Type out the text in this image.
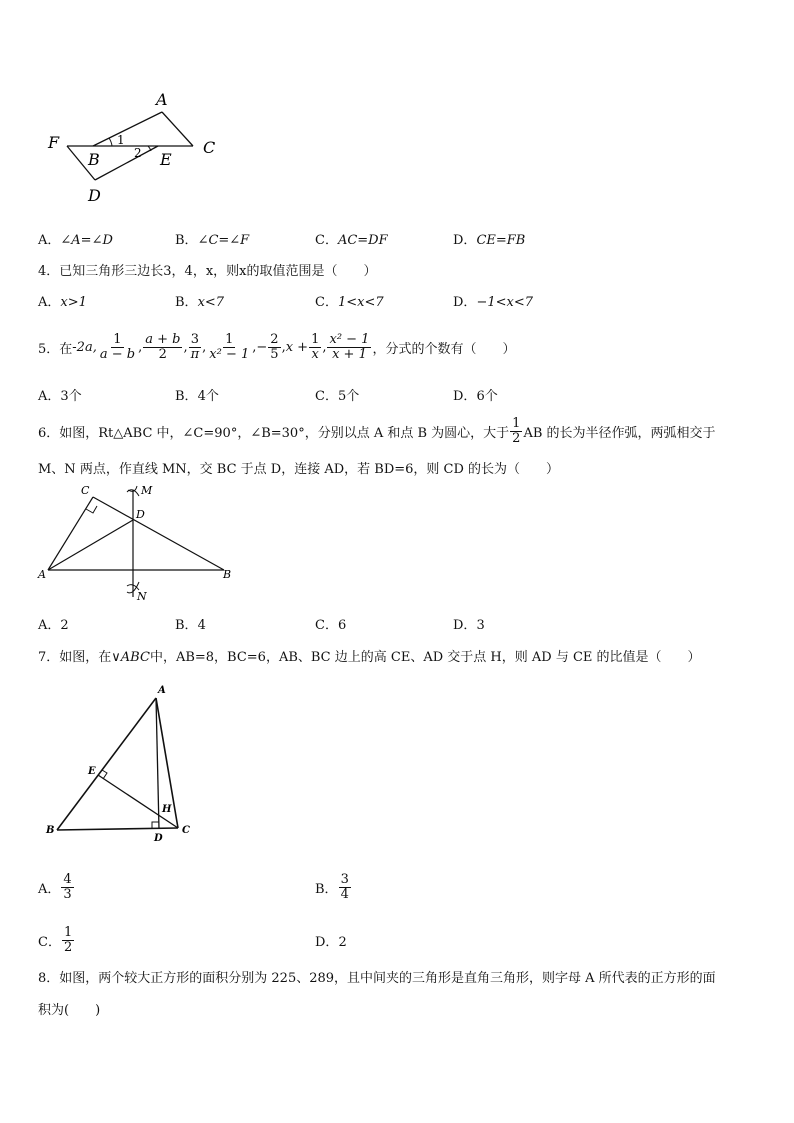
A
F	C
B	E
D
1
2
A．∠A=∠D	B．∠C=∠F	C．AC=DF	D．CE=FB
4．已知三角形三边长3，4，x，则x的取值范围是（　　）
A．x>1	B．x<7	C．1<x<7	D．−1<x<7
5．在 -2a, $\frac{1}{a - b}$ , $\frac{a + b}{2}$ , $\frac{3}{\pi}$ , $\frac{1}{\text{x² − 1}}$ ,− $\frac{2}{5}$ , $x + \frac{1}{x}$ , $\frac{\text{x² − 1}}{x + 1}$ ，分式的个数有（　　）
A．3个	B．4个	C．5个	D．6个
6．如图，Rt△ABC 中，∠C=90°，∠B=30°，分别以点 A 和点 B 为圆心，大于 $\frac{1}{2}$ AB 的长为半径作弧，两弧相交于
M、N 两点，作直线 MN，交 BC 于点 D，连接 AD，若 BD=6，则 CD 的长为（　　）
C	M
D
A	B
N
A．2	B．4	C．6	D．3
7．如图，在∨ABC中，AB=8，BC=6，AB、BC 边上的高 CE、AD 交于点 H，则 AD 与 CE 的比值是（　　）
A
E
H
B
D
C
A． $\frac{4}{3}$	B． $\frac{3}{4}$
C． $\frac{1}{2}$	D．2
8．如图，两个较大正方形的面积分别为 225、289，且中间夹的三角形是直角三角形，则字母 A 所代表的正方形的面
积为(　　)
